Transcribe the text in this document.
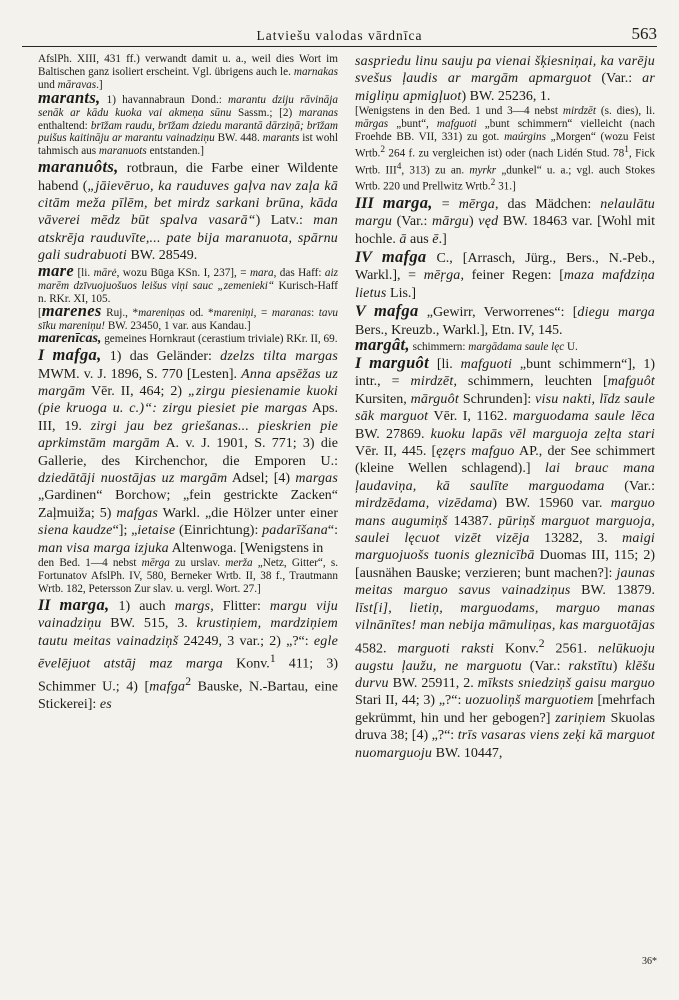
Latviešu valodas vārdnīca	563

AfslPh. XIII, 431 ff.) verwandt damit u. a., weil dies Wort im Baltischen ganz isoliert erscheint. Vgl. übrigens auch le. marnakas und māravas.]

marants, 1) havannabraun Dond.: marantu dziju rāvināja senāk ar kādu kuoka vai akmeņa sūnu Sassm.; [2) maranas enthaltend: brīžam raudu, brīžam dziedu marantā dārziņā; brīžam puišus kaitināju ar marantu vainadziņu BW. 448. marants ist wohl tahmisch aus maranuots entstanden.]

maranuôts, rotbraun, die Farbe einer Wildente habend („jāievēruo, ka rauduves gaļva nav zaļa kā citām meža pīlēm, bet mirdz sarkani brūna, kāda vāverei mēdz būt spalva vasarā“) Latv.: man atskrēja rauduvīte,... pate bija maranuota, spārnu gali sudrabuoti BW. 28549.

mare [li. mārė, wozu Būga KSn. I, 237], = mara, das Haff: aiz marēm dzīvuojuošuos leišus viņi sauc „zemenieki“ Kurisch-Haff n. RKr. XI, 105.

[marenes Ruj., *mareniņas od. *mareniņi, = maranas: tavu sīku mareniņu! BW. 23450, 1 var. aus Kandau.]

marenīcas, gemeines Hornkraut (cerastium triviale) RKr. II, 69.

I mafga, 1) das Geländer: dzelzs tilta margas MWM. v. J. 1896, S. 770 [Lesten]. Anna apsēžas uz margām Vēr. II, 464; 2) „zirgu piesienamie kuoki (pie kruoga u. c.)“: zirgu piesiet pie margas Aps. III, 19. zirgi jau bez griešanas... pieskrien pie aprkimstām margām A. v. J. 1901, S. 771; 3) die Gallerie, des Kirchenchor, die Emporen U.: dziedātāji nuostājas uz margām Adsel; [4) margas „Gardinen“ Borchow; „fein gestrickte Zacken“ Zaļmuiža; 5) mafgas Warkl. „die Hölzer unter einer siena kaudze“]; „ietaise (Einrichtung): padarīšana“: man visa marga izjuka Altenwoga. [Wenigstens in

den Bed. 1—4 nebst mērga zu urslav. merža „Netz, Gitter“, s. Fortunatov AfslPh. IV, 580, Berneker Wrtb. II, 38 f., Trautmann Wrtb. 182, Petersson Zur slav. u. vergl. Wort. 27.]

II marga, 1) auch margs, Flitter: margu viju vainadziņu BW. 515, 3. krustiņiem, mardziņiem tautu meitas vainadziņš 24249, 3 var.; 2) „?“: egle ēvelējuot atstāj maz marga Konv.$^1$ 411; 3) Schimmer U.; 4) [mafga$^2$ Bauske, N.-Bartau, eine Stickerei]: es

saspriedu linu sauju pa vienai šķiesniņai, ka varēju svešus ļaudis ar margām apmarguot (Var.: ar migliņu apmigļuot) BW. 25236, 1.

[Wenigstens in den Bed. 1 und 3—4 nebst mirdzēt (s. dies), li. mārgas „bunt“, mafguoti „bunt schimmern“ vielleicht (nach Froehde BB. VII, 331) zu got. maúrgins „Morgen“ (wozu Feist Wrtb.$^2$ 264 f. zu vergleichen ist) oder (nach Lidén Stud. $78^1$, Fick Wrtb. III$^4$, 313) zu an. myrkr „dunkel“ u. a.; vgl. auch Stokes Wrtb. 220 und Prellwitz Wrtb.$^2$ 31.]

III marga, = mērga, das Mädchen: nelaulātu margu (Var.: mārgu) vęd BW. 18463 var. [Wohl mit hochle. ā aus ē.]

IV mafga C., [Arrasch, Jürg., Bers., N.-Peb., Warkl.], = mēŗga, feiner Regen: [maza mafdziņa lietus Lis.]

V mafga „Gewirr, Verworrenes“: [diegu marga Bers., Kreuzb., Warkl.], Etn. IV, 145.

margât, schimmern: margādama saule lęc U.

I marguôt [li. mafguoti „bunt schimmern“], 1) intr., = mirdzēt, schimmern, leuchten [mafguôt Kursiten, mārguôt Schrunden]: visu nakti, līdz saule sāk marguot Vēr. I, 1162. marguodama saule lēca BW. 27869. kuoku lapās vēl marguoja zeļta stari Vēr. II, 445. [ęzęrs mafguo AP., der See schimmert (kleine Wellen schlagend).] lai brauc mana ļaudaviņa, kā saulīte marguodama (Var.: mirdzēdama, vizēdama) BW. 15960 var. marguo mans augumiņš 14387. pūriņš marguot marguoja, saulei lęcuot vizēt vizēja 13282, 3. maigi marguojuošs tuonis gleznicībā Duomas III, 115; 2) [ausnähen Bauske; verzieren; bunt machen?]: jaunas meitas marguo savus vainadziņus BW. 13879. līst[i], lietiņ, marguodams, marguo manas vilnānītes! man nebija māmuliņas, kas marguotājas 4582. marguoti raksti Konv.$^2$ 2561. nelūkuoju augstu ļaužu, ne marguotu (Var.: rakstītu) klēšu durvu BW. 25911, 2. mīksts sniedziņš gaisu marguo Stari II, 44; 3) „?“: uozuoliņš marguotiem [mehrfach gekrümmt, hin und her gebogen?] zariņiem Skuolas druva 38; [4) „?“: trīs vasaras viens zeķi kā marguot nuomarguoju BW. 10447,

36*
